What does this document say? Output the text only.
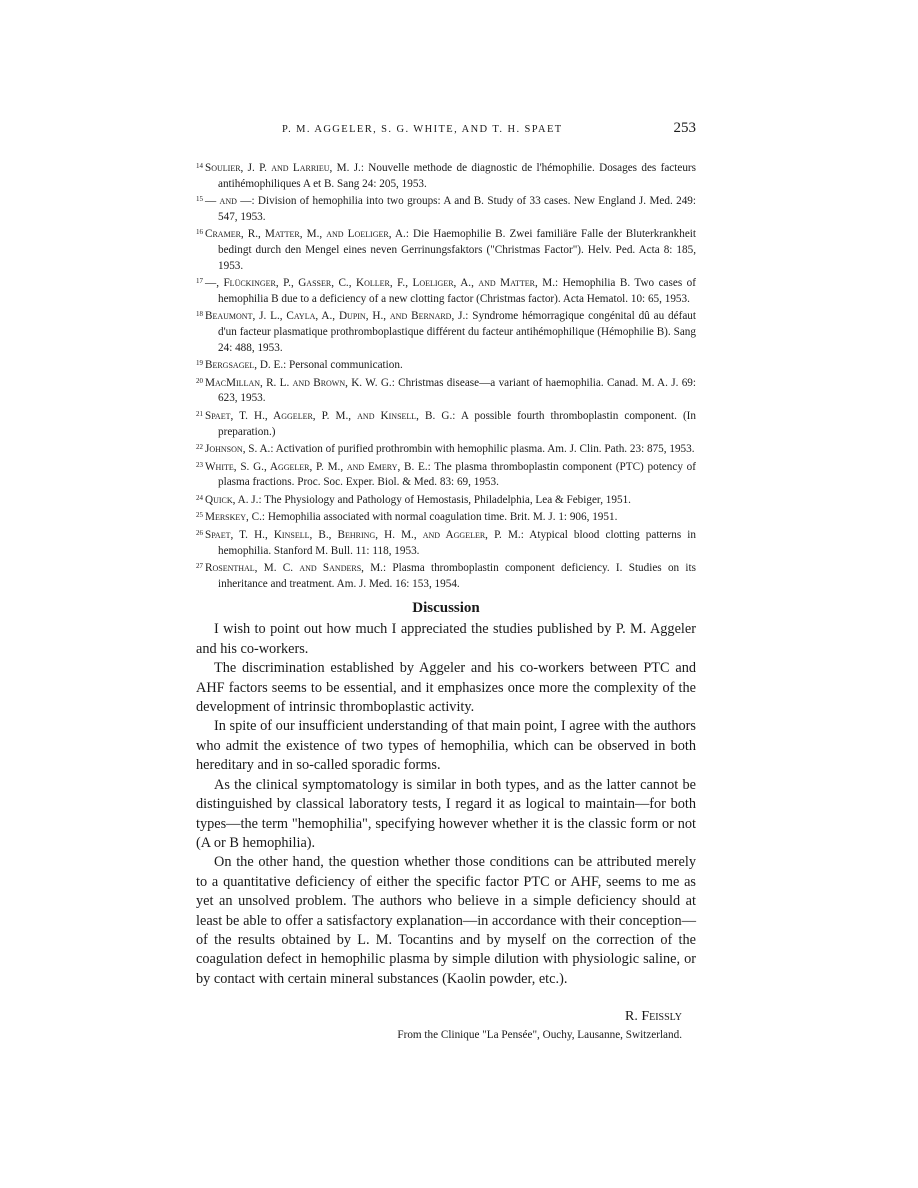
P. M. AGGELER, S. G. WHITE, AND T. H. SPAET	253
$^{14}$ Soulier, J. P. and Larrieu, M. J.: Nouvelle methode de diagnostic de l'hémophilie. Dosages des facteurs antihémophiliques A et B. Sang 24: 205, 1953.
$^{15}$ — and —: Division of hemophilia into two groups: A and B. Study of 33 cases. New England J. Med. 249: 547, 1953.
$^{16}$ Cramer, R., Matter, M., and Loeliger, A.: Die Haemophilie B. Zwei familiäre Falle der Bluterkrankheit bedingt durch den Mengel eines neven Gerrinungsfaktors ("Christmas Factor"). Helv. Ped. Acta 8: 185, 1953.
$^{17}$ —, Flückinger, P., Gasser, C., Koller, F., Loeliger, A., and Matter, M.: Hemophilia B. Two cases of hemophilia B due to a deficiency of a new clotting factor (Christmas factor). Acta Hematol. 10: 65, 1953.
$^{18}$ Beaumont, J. L., Cayla, A., Dupin, H., and Bernard, J.: Syndrome hémorragique congénital dû au défaut d'un facteur plasmatique prothromboplastique différent du facteur antihémophilique (Hémophilie B). Sang 24: 488, 1953.
$^{19}$ Bergsagel, D. E.: Personal communication.
$^{20}$ MacMillan, R. L. and Brown, K. W. G.: Christmas disease—a variant of haemophilia. Canad. M. A. J. 69: 623, 1953.
$^{21}$ Spaet, T. H., Aggeler, P. M., and Kinsell, B. G.: A possible fourth thromboplastin component. (In preparation.)
$^{22}$ Johnson, S. A.: Activation of purified prothrombin with hemophilic plasma. Am. J. Clin. Path. 23: 875, 1953.
$^{23}$ White, S. G., Aggeler, P. M., and Emery, B. E.: The plasma thromboplastin component (PTC) potency of plasma fractions. Proc. Soc. Exper. Biol. & Med. 83: 69, 1953.
$^{24}$ Quick, A. J.: The Physiology and Pathology of Hemostasis, Philadelphia, Lea & Febiger, 1951.
$^{25}$ Merskey, C.: Hemophilia associated with normal coagulation time. Brit. M. J. 1: 906, 1951.
$^{26}$ Spaet, T. H., Kinsell, B., Behring, H. M., and Aggeler, P. M.: Atypical blood clotting patterns in hemophilia. Stanford M. Bull. 11: 118, 1953.
$^{27}$ Rosenthal, M. C. and Sanders, M.: Plasma thromboplastin component deficiency. I. Studies on its inheritance and treatment. Am. J. Med. 16: 153, 1954.
Discussion

I wish to point out how much I appreciated the studies published by P. M. Aggeler and his co-workers.

The discrimination established by Aggeler and his co-workers between PTC and AHF factors seems to be essential, and it emphasizes once more the complexity of the development of intrinsic thromboplastic activity.

In spite of our insufficient understanding of that main point, I agree with the authors who admit the existence of two types of hemophilia, which can be observed in both hereditary and in so-called sporadic forms.

As the clinical symptomatology is similar in both types, and as the latter cannot be distinguished by classical laboratory tests, I regard it as logical to maintain—for both types—the term "hemophilia", specifying however whether it is the classic form or not (A or B hemophilia).

On the other hand, the question whether those conditions can be attributed merely to a quantitative deficiency of either the specific factor PTC or AHF, seems to me as yet an unsolved problem. The authors who believe in a simple deficiency should at least be able to offer a satisfactory explanation—in accordance with their conception—of the results obtained by L. M. Tocantins and by myself on the correction of the coagulation defect in hemophilic plasma by simple dilution with physiologic saline, or by contact with certain mineral substances (Kaolin powder, etc.).

R. Feissly
From the Clinique "La Pensée", Ouchy, Lausanne, Switzerland.
